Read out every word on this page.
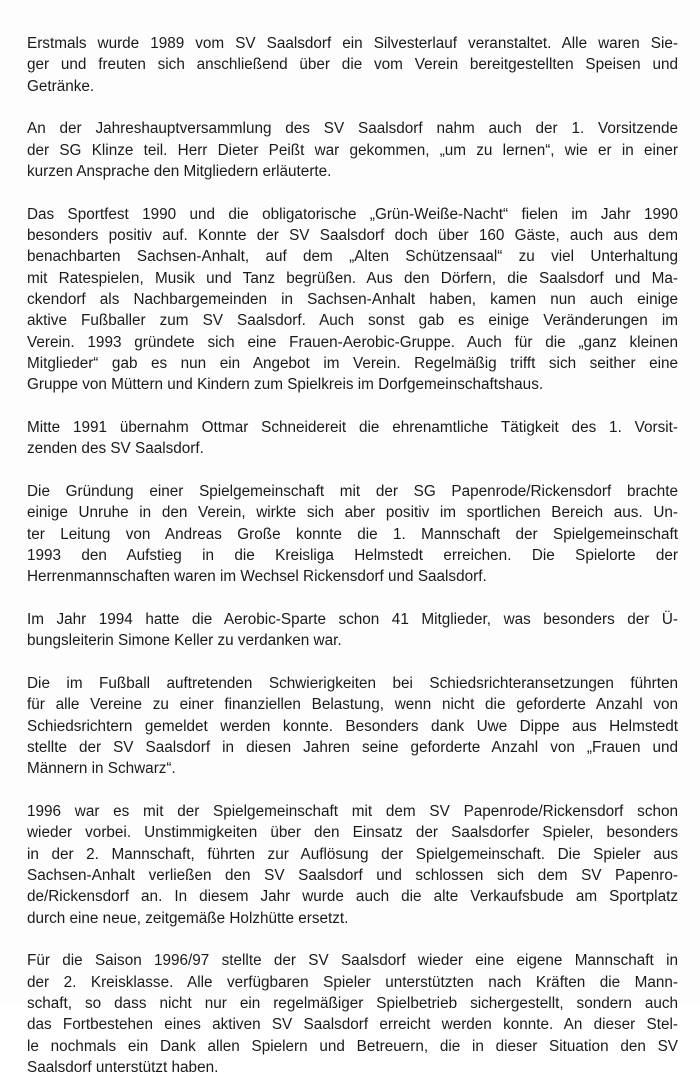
Erstmals wurde 1989 vom SV Saalsdorf ein Silvesterlauf veranstaltet. Alle waren Sie-
ger und freuten sich anschließend über die vom Verein bereitgestellten Speisen und
Getränke.

An der Jahreshauptversammlung des SV Saalsdorf nahm auch der 1. Vorsitzende
der SG Klinze teil. Herr Dieter Peißt war gekommen, „um zu lernen“, wie er in einer
kurzen Ansprache den Mitgliedern erläuterte.

Das Sportfest 1990 und die obligatorische „Grün-Weiße-Nacht“ fielen im Jahr 1990
besonders positiv auf. Konnte der SV Saalsdorf doch über 160 Gäste, auch aus dem
benachbarten Sachsen-Anhalt, auf dem „Alten Schützensaal“ zu viel Unterhaltung
mit Ratespielen, Musik und Tanz begrüßen. Aus den Dörfern, die Saalsdorf und Ma-
ckendorf als Nachbargemeinden in Sachsen-Anhalt haben, kamen nun auch einige
aktive Fußballer zum SV Saalsdorf. Auch sonst gab es einige Veränderungen im
Verein. 1993 gründete sich eine Frauen-Aerobic-Gruppe. Auch für die „ganz kleinen
Mitglieder“ gab es nun ein Angebot im Verein. Regelmäßig trifft sich seither eine
Gruppe von Müttern und Kindern zum Spielkreis im Dorfgemeinschaftshaus.

Mitte 1991 übernahm Ottmar Schneidereit die ehrenamtliche Tätigkeit des 1. Vorsit-
zenden des SV Saalsdorf.

Die Gründung einer Spielgemeinschaft mit der SG Papenrode/Rickensdorf brachte
einige Unruhe in den Verein, wirkte sich aber positiv im sportlichen Bereich aus. Un-
ter Leitung von Andreas Große konnte die 1. Mannschaft der Spielgemeinschaft
1993 den Aufstieg in die Kreisliga Helmstedt erreichen. Die Spielorte der
Herrenmannschaften waren im Wechsel Rickensdorf und Saalsdorf.

Im Jahr 1994 hatte die Aerobic-Sparte schon 41 Mitglieder, was besonders der Ü-
bungsleiterin Simone Keller zu verdanken war.

Die im Fußball auftretenden Schwierigkeiten bei Schiedsrichteransetzungen führten
für alle Vereine zu einer finanziellen Belastung, wenn nicht die geforderte Anzahl von
Schiedsrichtern gemeldet werden konnte. Besonders dank Uwe Dippe aus Helmstedt
stellte der SV Saalsdorf in diesen Jahren seine geforderte Anzahl von „Frauen und
Männern in Schwarz“.

1996 war es mit der Spielgemeinschaft mit dem SV Papenrode/Rickensdorf schon
wieder vorbei. Unstimmigkeiten über den Einsatz der Saalsdorfer Spieler, besonders
in der 2. Mannschaft, führten zur Auflösung der Spielgemeinschaft. Die Spieler aus
Sachsen-Anhalt verließen den SV Saalsdorf und schlossen sich dem SV Papenro-
de/Rickensdorf an. In diesem Jahr wurde auch die alte Verkaufsbude am Sportplatz
durch eine neue, zeitgemäße Holzhütte ersetzt.

Für die Saison 1996/97 stellte der SV Saalsdorf wieder eine eigene Mannschaft in
der 2. Kreisklasse. Alle verfügbaren Spieler unterstützten nach Kräften die Mann-
schaft, so dass nicht nur ein regelmäßiger Spielbetrieb sichergestellt, sondern auch
das Fortbestehen eines aktiven SV Saalsdorf erreicht werden konnte. An dieser Stel-
le nochmals ein Dank allen Spielern und Betreuern, die in dieser Situation den SV
Saalsdorf unterstützt haben.
